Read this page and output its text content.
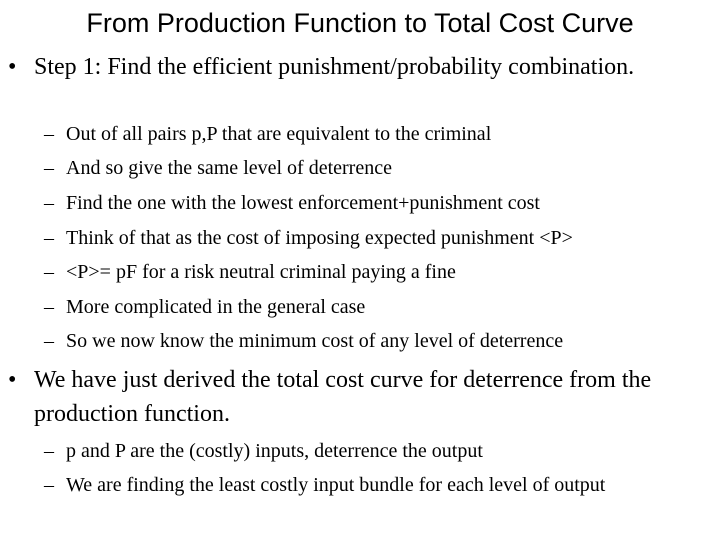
From Production Function to Total Cost Curve
• Step 1: Find the efficient punishment/probability combination.
– Out of all pairs p,P that are equivalent to the criminal
– And so give the same level of deterrence
– Find the one with the lowest enforcement+punishment cost
– Think of that as the cost of imposing expected punishment <P>
– <P>= pF for a risk neutral criminal paying a fine
– More complicated in the general case
– So we now know the minimum cost of any level of deterrence
• We have just derived the total cost curve for deterrence from the production function.
– p and P are the (costly) inputs, deterrence the output
– We are finding the least costly input bundle for each level of output
